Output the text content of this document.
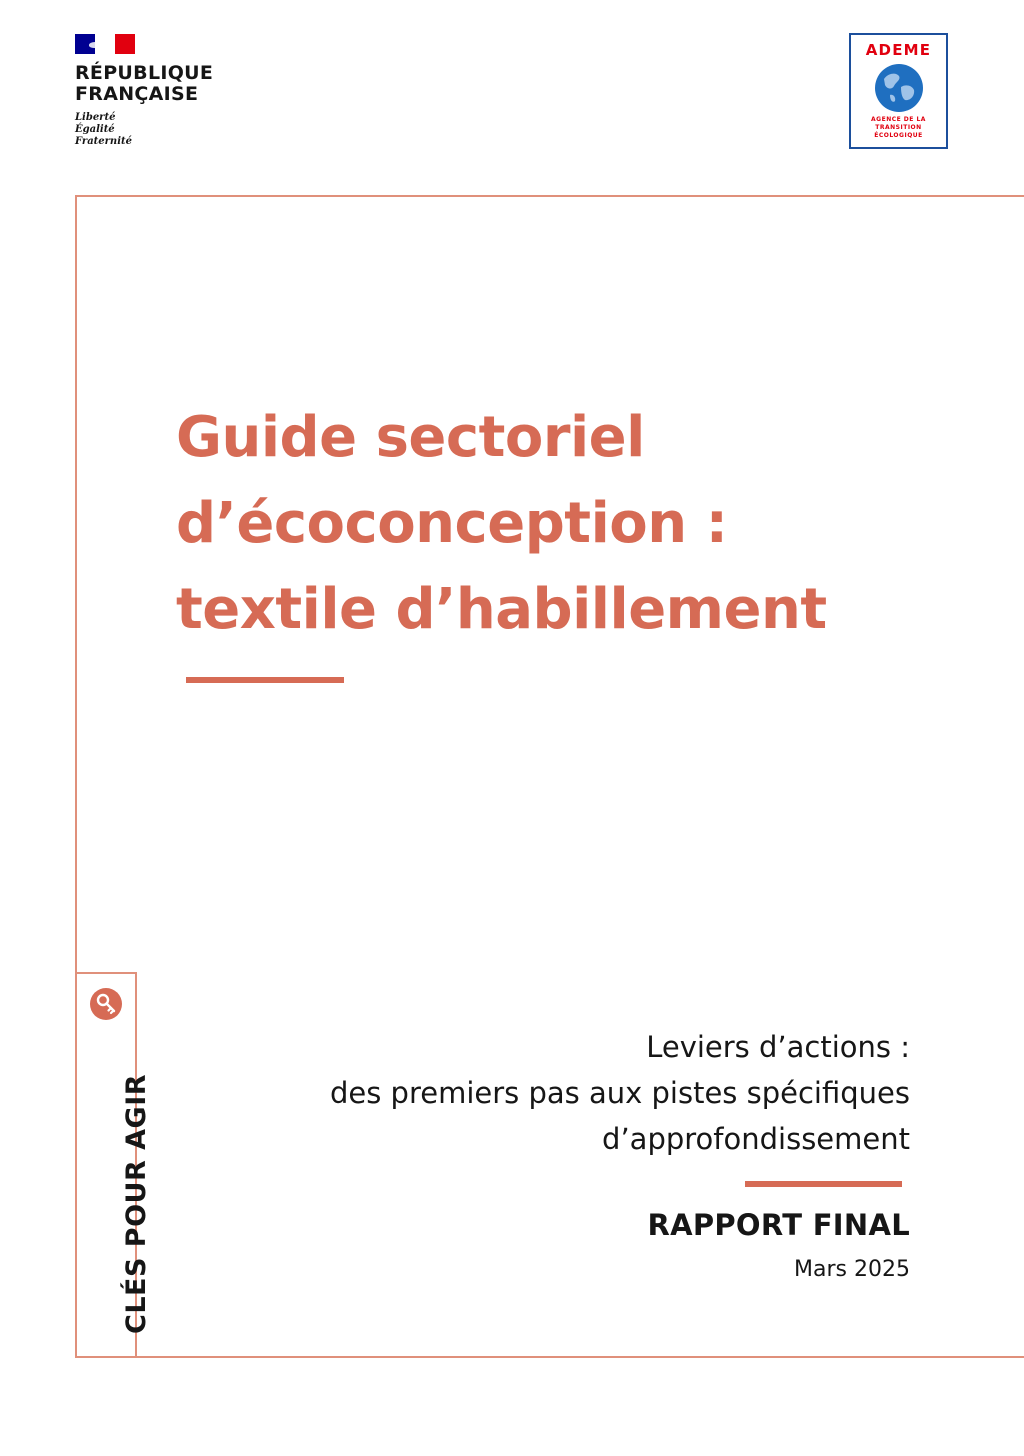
RÉPUBLIQUE
FRANÇAISE
Liberté
Égalité
Fraternité
ADEME
AGENCE DE LA
TRANSITION
ÉCOLOGIQUE
Guide sectoriel
d’écoconception :
textile d’habillement
CLÉS POUR AGIR
Leviers d’actions :
des premiers pas aux pistes spécifiques
d’approfondissement
RAPPORT FINAL
Mars 2025
